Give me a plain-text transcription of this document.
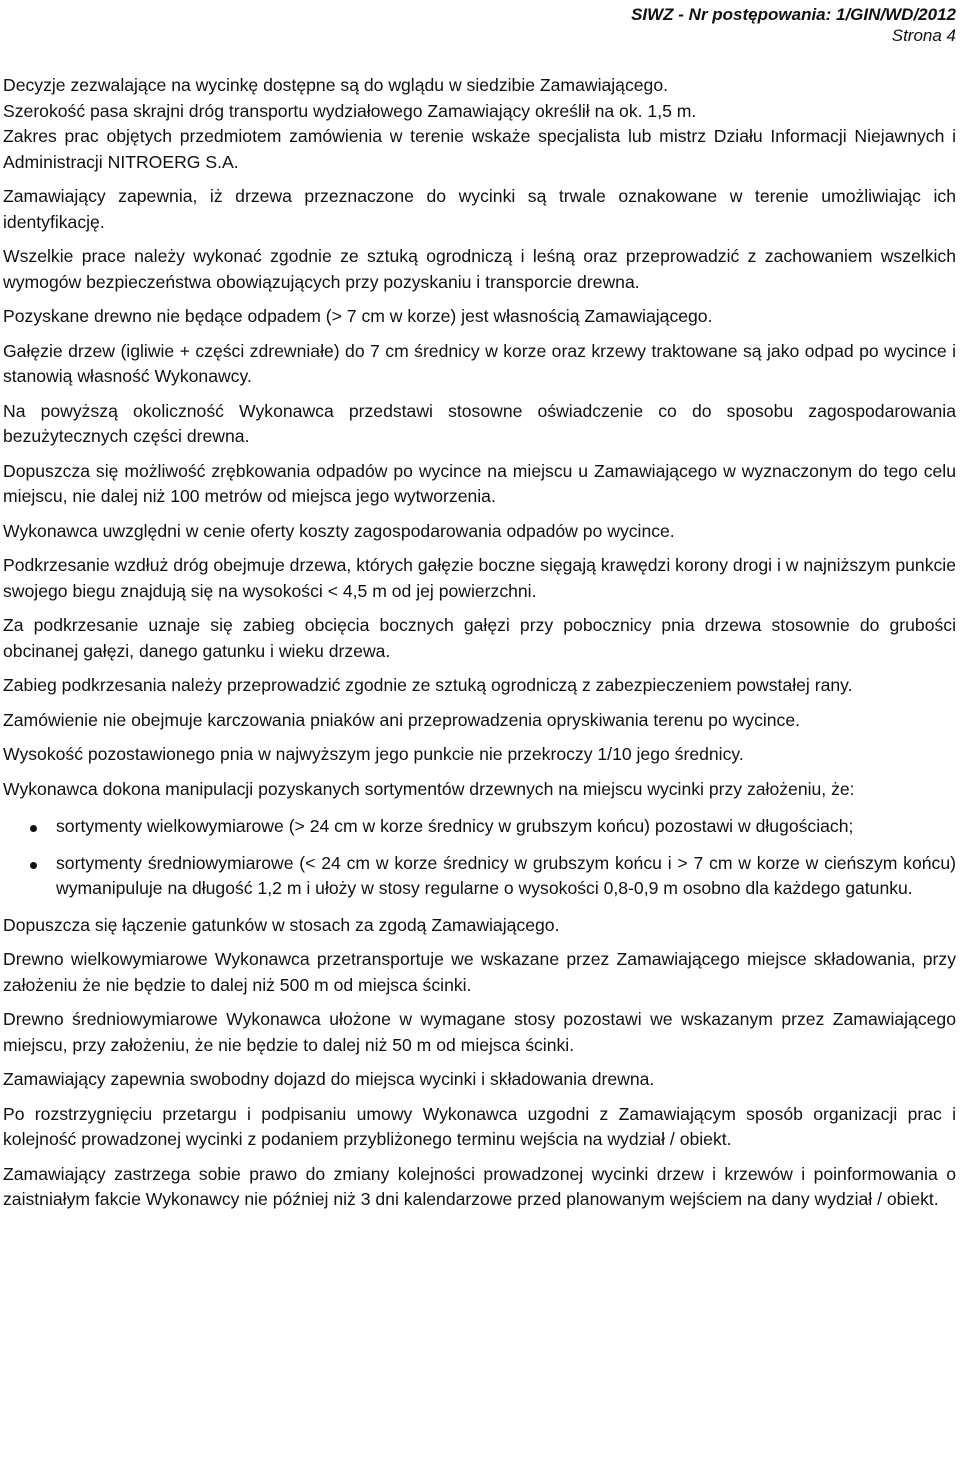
SIWZ - Nr postępowania: 1/GIN/WD/2012
Strona 4

Decyzje zezwalające na wycinkę dostępne są do wglądu w siedzibie Zamawiającego.

Szerokość pasa skrajni dróg transportu wydziałowego Zamawiający określił na ok. 1,5 m.

Zakres prac objętych przedmiotem zamówienia w terenie wskaże specjalista lub mistrz Działu Informacji Niejawnych i Administracji NITROERG S.A.

Zamawiający zapewnia, iż drzewa przeznaczone do wycinki są trwale oznakowane w terenie umożliwiając ich identyfikację.

Wszelkie prace należy wykonać zgodnie ze sztuką ogrodniczą i leśną oraz przeprowadzić z zachowaniem wszelkich wymogów bezpieczeństwa obowiązujących przy pozyskaniu i transporcie drewna.

Pozyskane drewno nie będące odpadem (> 7 cm w korze) jest własnością Zamawiającego.

Gałęzie drzew (igliwie + części zdrewniałe) do 7 cm średnicy w korze oraz krzewy traktowane są jako odpad po wycince i stanowią własność Wykonawcy.

Na powyższą okoliczność Wykonawca przedstawi stosowne oświadczenie co do sposobu zagospodarowania bezużytecznych części drewna.

Dopuszcza się możliwość zrębkowania odpadów po wycince na miejscu u Zamawiającego w wyznaczonym do tego celu miejscu, nie dalej niż 100 metrów od miejsca jego wytworzenia.

Wykonawca uwzględni w cenie oferty koszty zagospodarowania odpadów po wycince.

Podkrzesanie wzdłuż dróg obejmuje drzewa, których gałęzie boczne sięgają krawędzi korony drogi i w najniższym punkcie swojego biegu znajdują się na wysokości < 4,5 m od jej powierzchni.

Za podkrzesanie uznaje się zabieg obcięcia bocznych gałęzi przy pobocznicy pnia drzewa stosownie do grubości obcinanej gałęzi, danego gatunku i wieku drzewa.

Zabieg podkrzesania należy przeprowadzić zgodnie ze sztuką ogrodniczą z zabezpieczeniem powstałej rany.

Zamówienie nie obejmuje karczowania pniaków ani przeprowadzenia opryskiwania terenu po wycince.

Wysokość pozostawionego pnia w najwyższym jego punkcie nie przekroczy 1/10 jego średnicy.

Wykonawca dokona manipulacji pozyskanych sortymentów drzewnych na miejscu wycinki przy założeniu, że:

sortymenty wielkowymiarowe (> 24 cm w korze średnicy w grubszym końcu) pozostawi w długościach;
sortymenty średniowymiarowe (< 24 cm w korze średnicy w grubszym końcu i > 7 cm w korze w cieńszym końcu) wymanipuluje na długość 1,2 m i ułoży w stosy regularne o wysokości 0,8-0,9 m osobno dla każdego gatunku.

Dopuszcza się łączenie gatunków w stosach za zgodą Zamawiającego.

Drewno wielkowymiarowe Wykonawca przetransportuje we wskazane przez Zamawiającego miejsce składowania, przy założeniu że nie będzie to dalej niż 500 m od miejsca ścinki.

Drewno średniowymiarowe Wykonawca ułożone w wymagane stosy pozostawi we wskazanym przez Zamawiającego miejscu, przy założeniu, że nie będzie to dalej niż 50 m od miejsca ścinki.

Zamawiający zapewnia swobodny dojazd do miejsca wycinki i składowania drewna.

Po rozstrzygnięciu przetargu i podpisaniu umowy Wykonawca uzgodni z Zamawiającym sposób organizacji prac i kolejność prowadzonej wycinki z podaniem przybliżonego terminu wejścia na wydział / obiekt.

Zamawiający zastrzega sobie prawo do zmiany kolejności prowadzonej wycinki drzew i krzewów i poinformowania o zaistniałym fakcie Wykonawcy nie później niż 3 dni kalendarzowe przed planowanym wejściem na dany wydział / obiekt.
